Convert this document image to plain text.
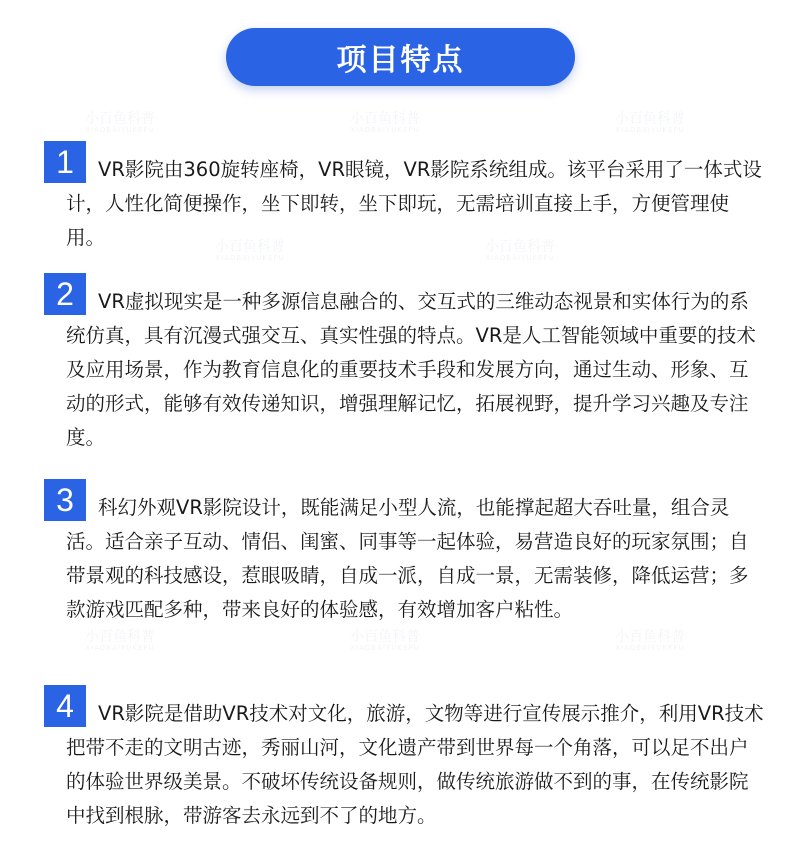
小百鱼科普
XIAOBAIYUKEPU
小百鱼科普
XIAOBAIYUKEPU
小百鱼科普
XIAOBAIYUKEPU
小百鱼科普
XIAOBAIYUKEPU
小百鱼科普
XIAOBAIYUKEPU
小百鱼科普
XIAOBAIYUKEPU
小百鱼科普
XIAOBAIYUKEPU
小百鱼科普
XIAOBAIYUKEPU
项目特点
1	VR影院由360旋转座椅，VR眼镜，VR影院系统组成。该平台采用了一体式设计，人性化简便操作，坐下即转，坐下即玩，无需培训直接上手，方便管理使用。

2	VR虚拟现实是一种多源信息融合的、交互式的三维动态视景和实体行为的系统仿真，具有沉漫式强交互、真实性强的特点。VR是人工智能领域中重要的技术及应用场景，作为教育信息化的重要技术手段和发展方向，通过生动、形象、互动的形式，能够有效传递知识，增强理解记忆，拓展视野，提升学习兴趣及专注度。

3	科幻外观VR影院设计，既能满足小型人流，也能撑起超大吞吐量，组合灵活。适合亲子互动、情侣、闺蜜、同事等一起体验，易营造良好的玩家氛围；自带景观的科技感设，惹眼吸睛，自成一派，自成一景，无需装修，降低运营；多款游戏匹配多种，带来良好的体验感，有效增加客户粘性。

4	VR影院是借助VR技术对文化，旅游，文物等进行宣传展示推介，利用VR技术把带不走的文明古迹，秀丽山河，文化遗产带到世界每一个角落，可以足不出户的体验世界级美景。不破坏传统设备规则，做传统旅游做不到的事，在传统影院中找到根脉，带游客去永远到不了的地方。
